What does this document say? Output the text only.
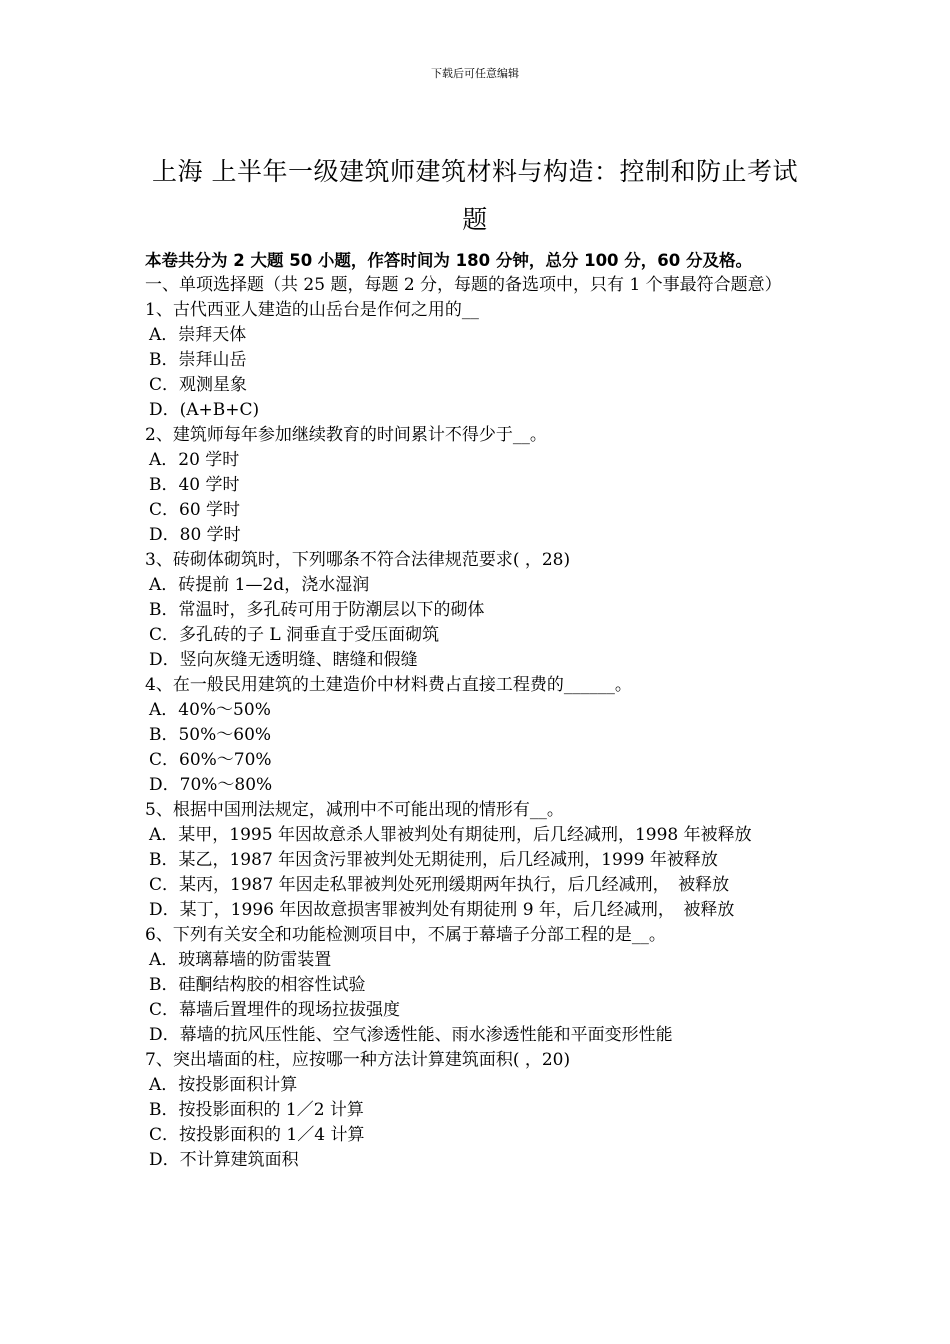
下载后可任意编辑
上海 上半年一级建筑师建筑材料与构造：控制和防止考试题

本卷共分为 2 大题 50 小题，作答时间为 180 分钟，总分 100 分，60 分及格。

一、单项选择题（共 25 题，每题 2 分，每题的备选项中，只有 1 个事最符合题意）

1、古代西亚人建造的山岳台是作何之用的__

A．崇拜天体

B．崇拜山岳

C．观测星象

D．(A+B+C)

2、建筑师每年参加继续教育的时间累计不得少于__。

A．20 学时

B．40 学时

C．60 学时

D．80 学时

3、砖砌体砌筑时，下列哪条不符合法律规范要求( ，28)

A．砖提前 1—2d，浇水湿润

B．常温时，多孔砖可用于防潮层以下的砌体

C．多孔砖的子 L 洞垂直于受压面砌筑

D．竖向灰缝无透明缝、瞎缝和假缝

4、在一般民用建筑的土建造价中材料费占直接工程费的______。

A．40%～50%

B．50%～60%

C．60%～70%

D．70%～80%

5、根据中国刑法规定，减刑中不可能出现的情形有__。

A．某甲，1995 年因故意杀人罪被判处有期徒刑，后几经减刑，1998 年被释放

B．某乙，1987 年因贪污罪被判处无期徒刑，后几经减刑，1999 年被释放

C．某丙，1987 年因走私罪被判处死刑缓期两年执行，后几经减刑，　被释放

D．某丁，1996 年因故意损害罪被判处有期徒刑 9 年，后几经减刑，　被释放

6、下列有关安全和功能检测项目中，不属于幕墙子分部工程的是__。

A．玻璃幕墙的防雷装置

B．硅酮结构胶的相容性试验

C．幕墙后置埋件的现场拉拔强度

D．幕墙的抗风压性能、空气渗透性能、雨水渗透性能和平面变形性能

7、突出墙面的柱，应按哪一种方法计算建筑面积( ，20)

A．按投影面积计算

B．按投影面积的 1／2 计算

C．按投影面积的 1／4 计算

D．不计算建筑面积
